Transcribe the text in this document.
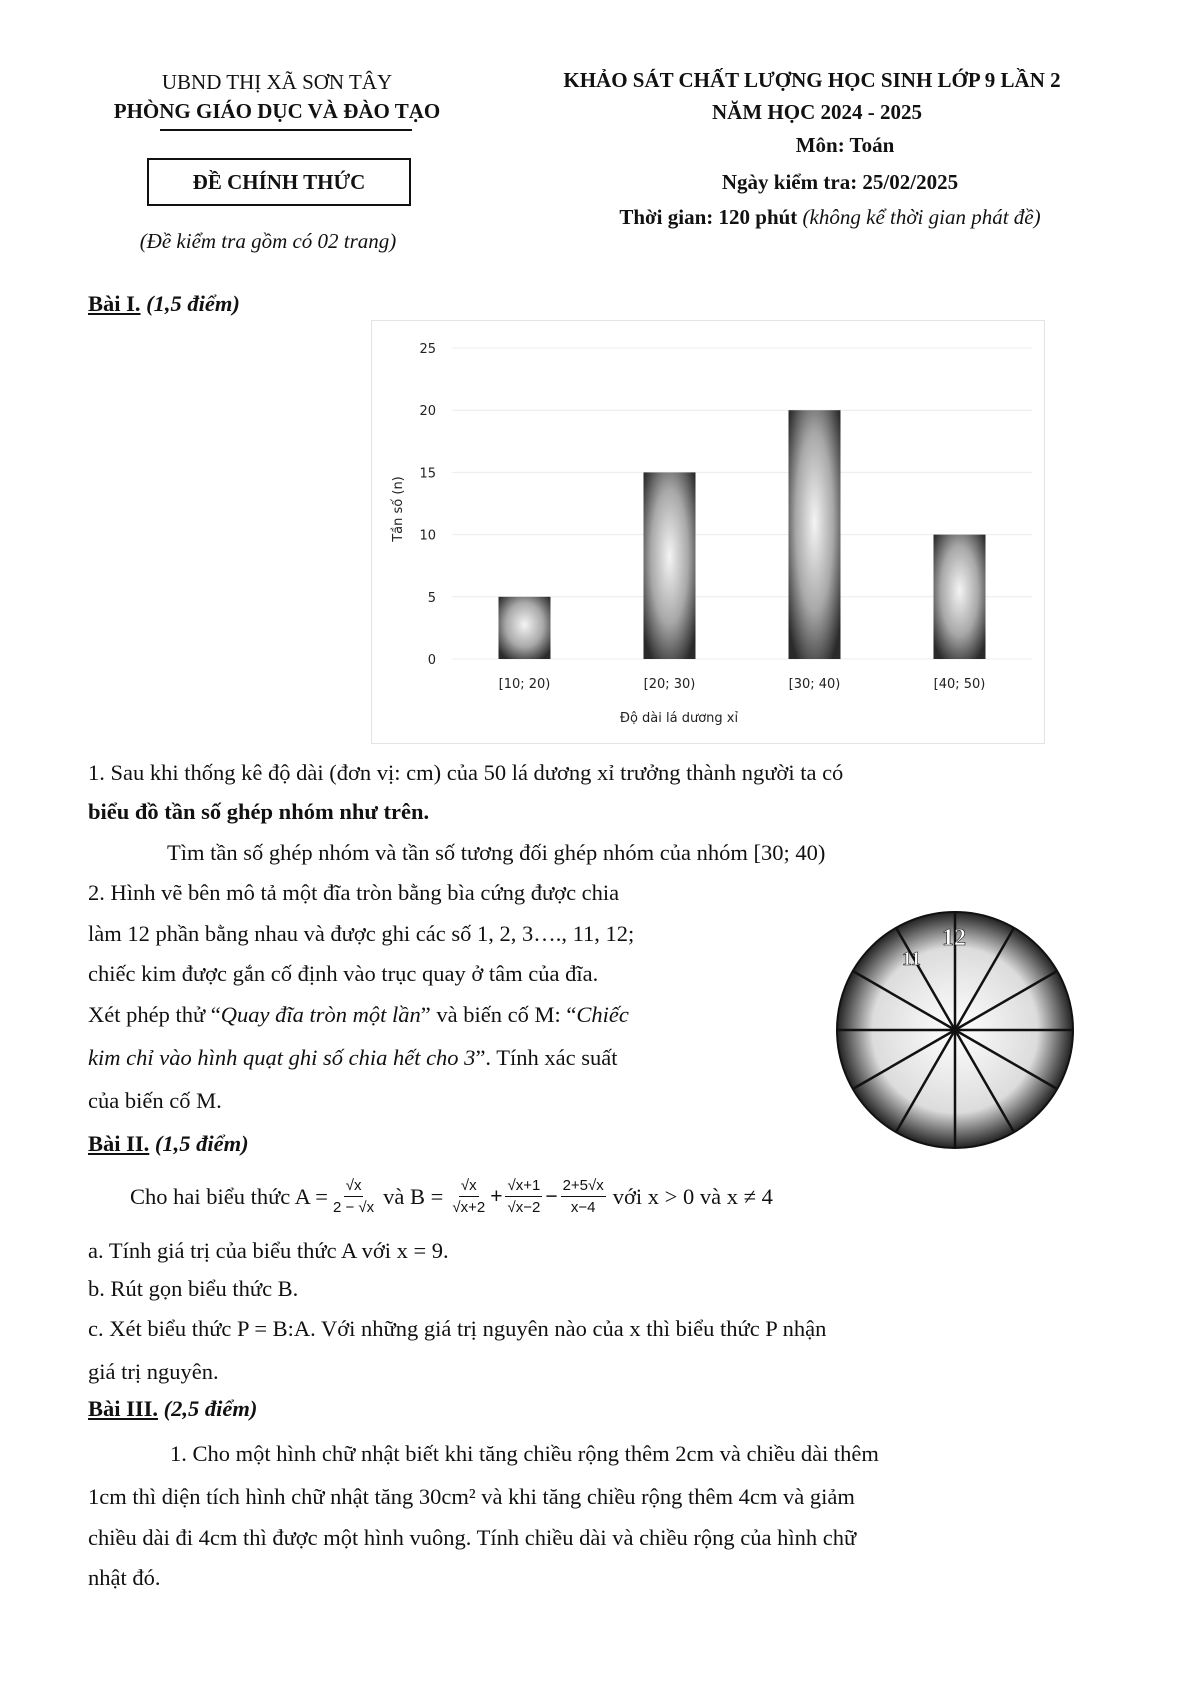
UBND THỊ XÃ SƠN TÂY
PHÒNG GIÁO DỤC VÀ ĐÀO TẠO
ĐỀ CHÍNH THỨC
(Đề kiểm tra gồm có 02 trang)
KHẢO SÁT CHẤT LƯỢNG HỌC SINH LỚP 9 LẦN 2
NĂM HỌC 2024 - 2025
Môn: Toán
Ngày kiểm tra: 25/02/2025
Thời gian: 120 phút (không kể thời gian phát đề)
Bài I. (1,5 điểm)
Tần số (n)
Độ dài lá dương xỉ
0
5
10
15
20
25
[10; 20)	[20; 30)	[30; 40)	[40; 50)
1. Sau khi thống kê độ dài (đơn vị: cm) của 50 lá dương xỉ trưởng thành người ta có
biểu đồ tần số ghép nhóm như trên.
Tìm tần số ghép nhóm và tần số tương đối ghép nhóm của nhóm [30; 40)
2. Hình vẽ bên mô tả một đĩa tròn bằng bìa cứng được chia
làm 12 phần bằng nhau và được ghi các số 1, 2, 3…., 11, 12;
chiếc kim được gắn cố định vào trục quay ở tâm của đĩa.
Xét phép thử “Quay đĩa tròn một lần” và biến cố M: “Chiếc
kim chỉ vào hình quạt ghi số chia hết cho 3”. Tính xác suất
của biến cố M.
12
11
Bài II. (1,5 điểm)
Cho hai biểu thức $A = \frac{√x}{2 - √x}$ và $B = \frac{√x}{√x+2} + \frac{√x+1}{√x-2} - \frac{2+5√x}{x-4}$ với x > 0 và x ≠ 4
a. Tính giá trị của biểu thức A với x = 9.
b. Rút gọn biểu thức B.
c. Xét biểu thức P = B:A. Với những giá trị nguyên nào của x thì biểu thức P nhận
giá trị nguyên.
Bài III. (2,5 điểm)
1. Cho một hình chữ nhật biết khi tăng chiều rộng thêm 2cm và chiều dài thêm
1cm thì diện tích hình chữ nhật tăng 30cm² và khi tăng chiều rộng thêm 4cm và giảm
chiều dài đi 4cm thì được một hình vuông. Tính chiều dài và chiều rộng của hình chữ
nhật đó.
